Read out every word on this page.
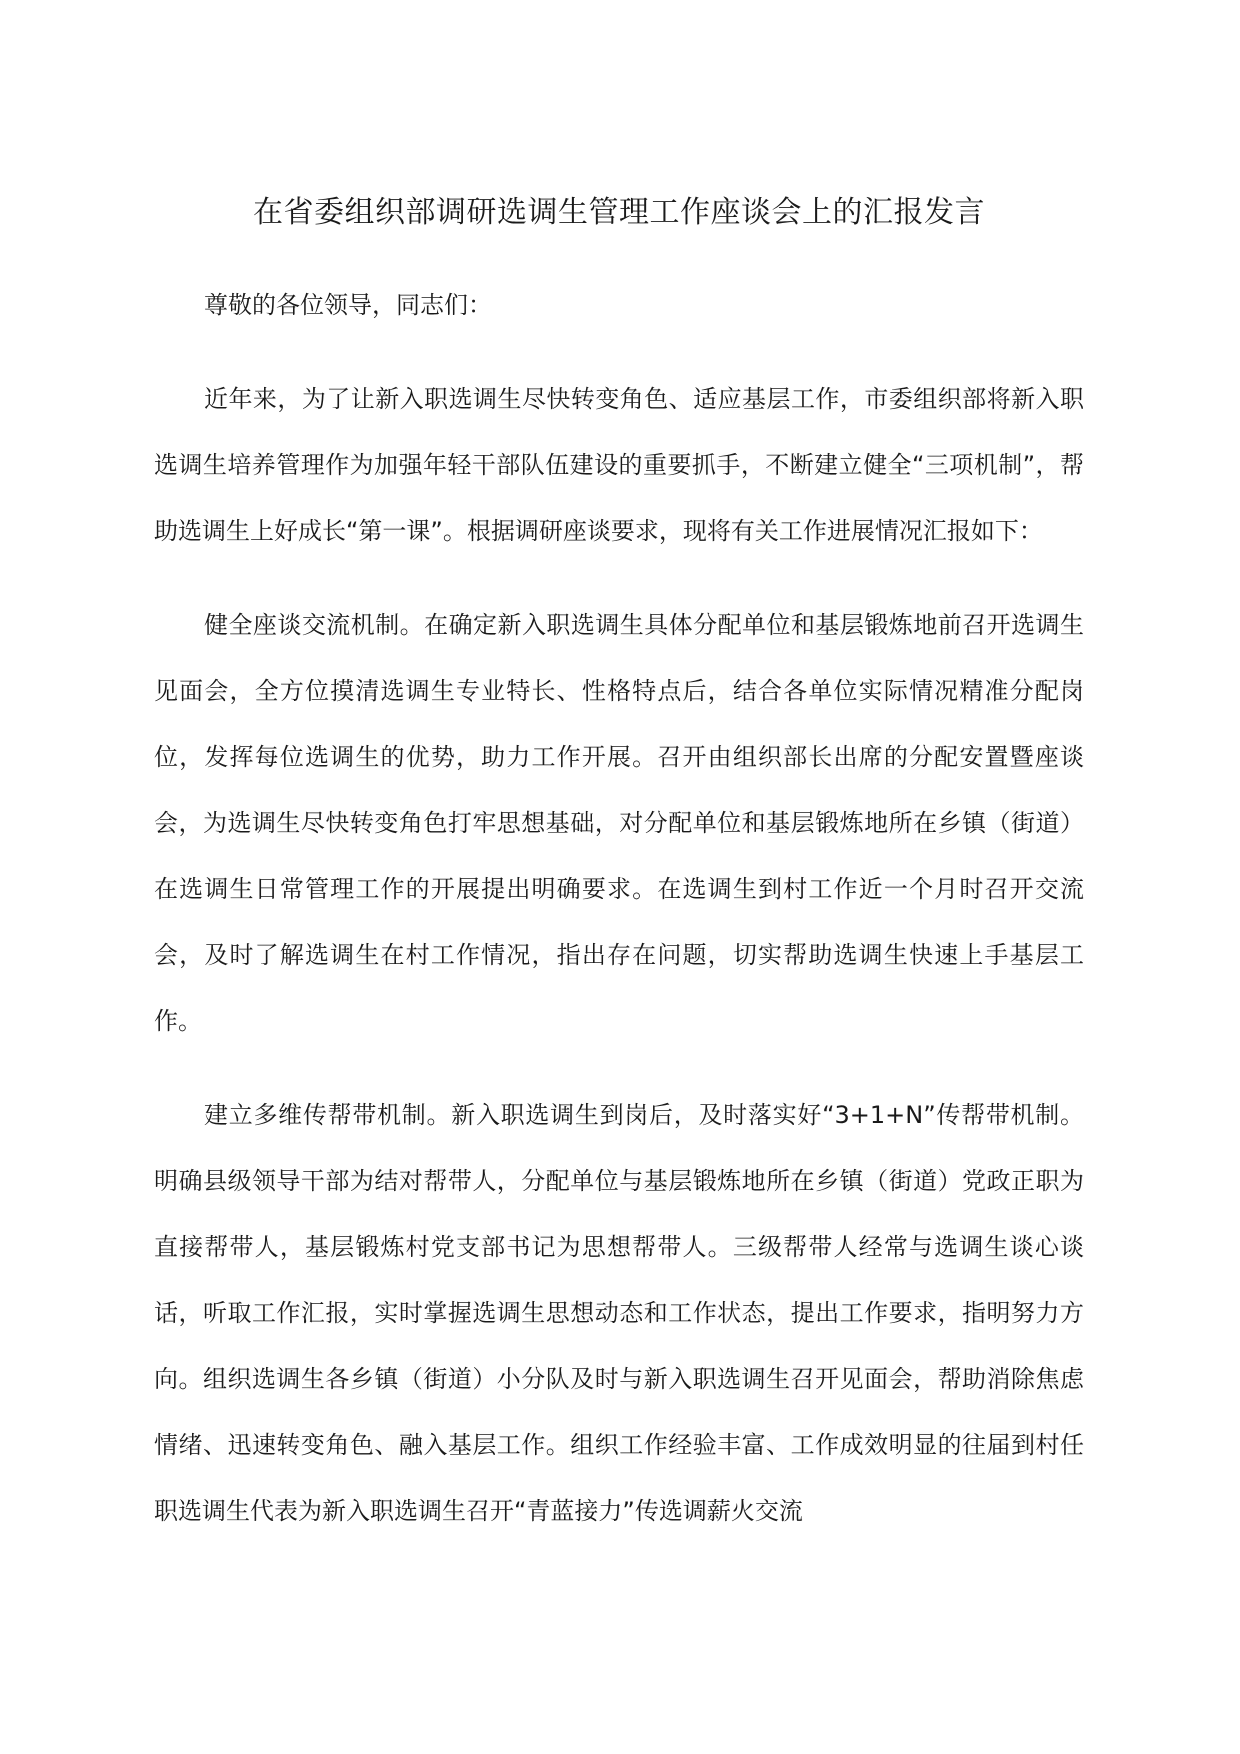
在省委组织部调研选调生管理工作座谈会上的汇报发言

尊敬的各位领导，同志们：

近年来，为了让新入职选调生尽快转变角色、适应基层工作，市委组织部将新入职选调生培养管理作为加强年轻干部队伍建设的重要抓手，不断建立健全“三项机制”，帮助选调生上好成长“第一课”。根据调研座谈要求，现将有关工作进展情况汇报如下：

健全座谈交流机制。在确定新入职选调生具体分配单位和基层锻炼地前召开选调生见面会，全方位摸清选调生专业特长、性格特点后，结合各单位实际情况精准分配岗位，发挥每位选调生的优势，助力工作开展。召开由组织部长出席的分配安置暨座谈会，为选调生尽快转变角色打牢思想基础，对分配单位和基层锻炼地所在乡镇（街道）在选调生日常管理工作的开展提出明确要求。在选调生到村工作近一个月时召开交流会，及时了解选调生在村工作情况，指出存在问题，切实帮助选调生快速上手基层工作。

建立多维传帮带机制。新入职选调生到岗后，及时落实好“3+1+N”传帮带机制。明确县级领导干部为结对帮带人，分配单位与基层锻炼地所在乡镇（街道）党政正职为直接帮带人，基层锻炼村党支部书记为思想帮带人。三级帮带人经常与选调生谈心谈话，听取工作汇报，实时掌握选调生思想动态和工作状态，提出工作要求，指明努力方向。组织选调生各乡镇（街道）小分队及时与新入职选调生召开见面会，帮助消除焦虑情绪、迅速转变角色、融入基层工作。组织工作经验丰富、工作成效明显的往届到村任职选调生代表为新入职选调生召开“青蓝接力”传选调薪火交流
